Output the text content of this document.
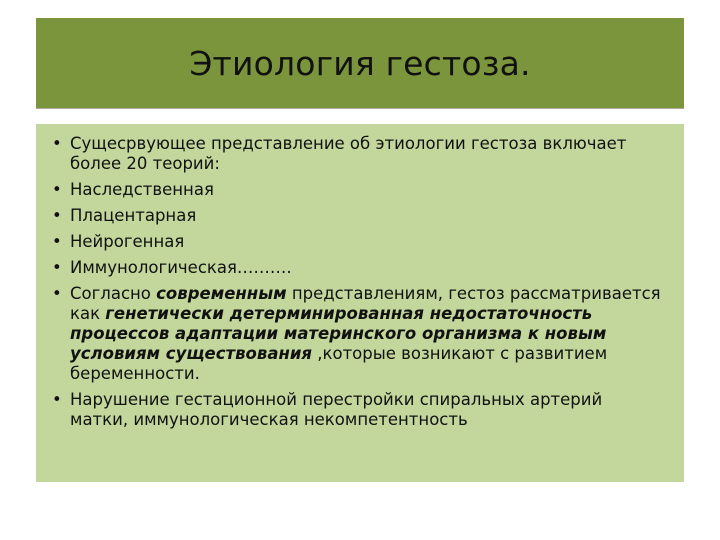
Этиология гестоза.
• Сущесрвующее представление об этиологии гестоза включает более 20 теорий:
• Наследственная
• Плацентарная
• Нейрогенная
• Иммунологическая……….
• Согласно современным представлениям, гестоз рассматривается как генетически детерминированная недостаточность процессов адаптации материнского организма к новым условиям существования ,которые возникают с развитием беременности.
• Нарушение гестационной перестройки спиральных артерий матки, иммунологическая некомпетентность
